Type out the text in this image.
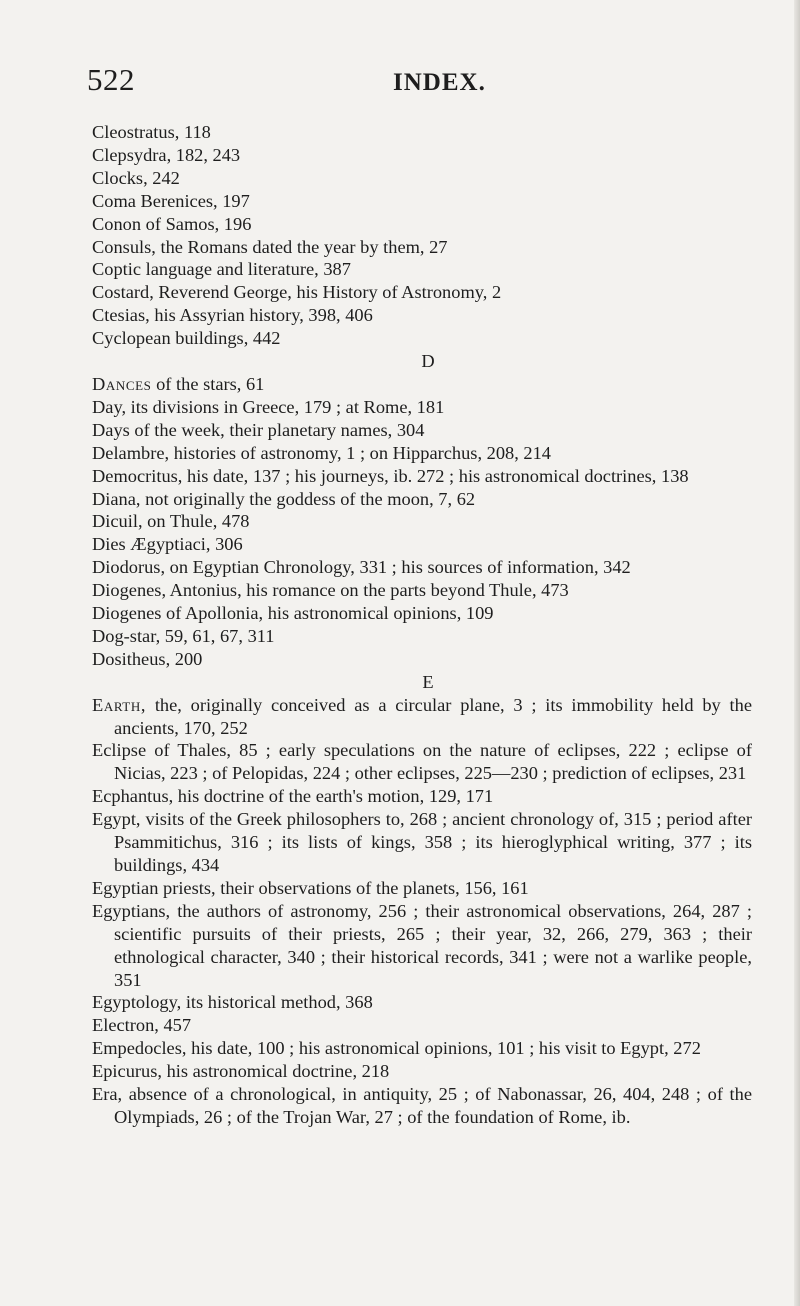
522	INDEX.
Cleostratus, 118
Clepsydra, 182, 243
Clocks, 242
Coma Berenices, 197
Conon of Samos, 196
Consuls, the Romans dated the year by them, 27
Coptic language and literature, 387
Costard, Reverend George, his History of Astronomy, 2
Ctesias, his Assyrian history, 398, 406
Cyclopean buildings, 442
D
Dances of the stars, 61
Day, its divisions in Greece, 179 ; at Rome, 181
Days of the week, their planetary names, 304
Delambre, histories of astronomy, 1 ; on Hipparchus, 208, 214
Democritus, his date, 137 ; his journeys, ib. 272 ; his astronomical doctrines, 138
Diana, not originally the goddess of the moon, 7, 62
Dicuil, on Thule, 478
Dies Ægyptiaci, 306
Diodorus, on Egyptian Chronology, 331 ; his sources of information, 342
Diogenes, Antonius, his romance on the parts beyond Thule, 473
Diogenes of Apollonia, his astronomical opinions, 109
Dog-star, 59, 61, 67, 311
Dositheus, 200
E
Earth, the, originally conceived as a circular plane, 3 ; its immobility held by the ancients, 170, 252
Eclipse of Thales, 85 ; early speculations on the nature of eclipses, 222 ; eclipse of Nicias, 223 ; of Pelopidas, 224 ; other eclipses, 225—230 ; prediction of eclipses, 231
Ecphantus, his doctrine of the earth's motion, 129, 171
Egypt, visits of the Greek philosophers to, 268 ; ancient chronology of, 315 ; period after Psammitichus, 316 ; its lists of kings, 358 ; its hieroglyphical writing, 377 ; its buildings, 434
Egyptian priests, their observations of the planets, 156, 161
Egyptians, the authors of astronomy, 256 ; their astronomical observations, 264, 287 ; scientific pursuits of their priests, 265 ; their year, 32, 266, 279, 363 ; their ethnological character, 340 ; their historical records, 341 ; were not a warlike people, 351
Egyptology, its historical method, 368
Electron, 457
Empedocles, his date, 100 ; his astronomical opinions, 101 ; his visit to Egypt, 272
Epicurus, his astronomical doctrine, 218
Era, absence of a chronological, in antiquity, 25 ; of Nabonassar, 26, 404, 248 ; of the Olympiads, 26 ; of the Trojan War, 27 ; of the foundation of Rome, ib.
